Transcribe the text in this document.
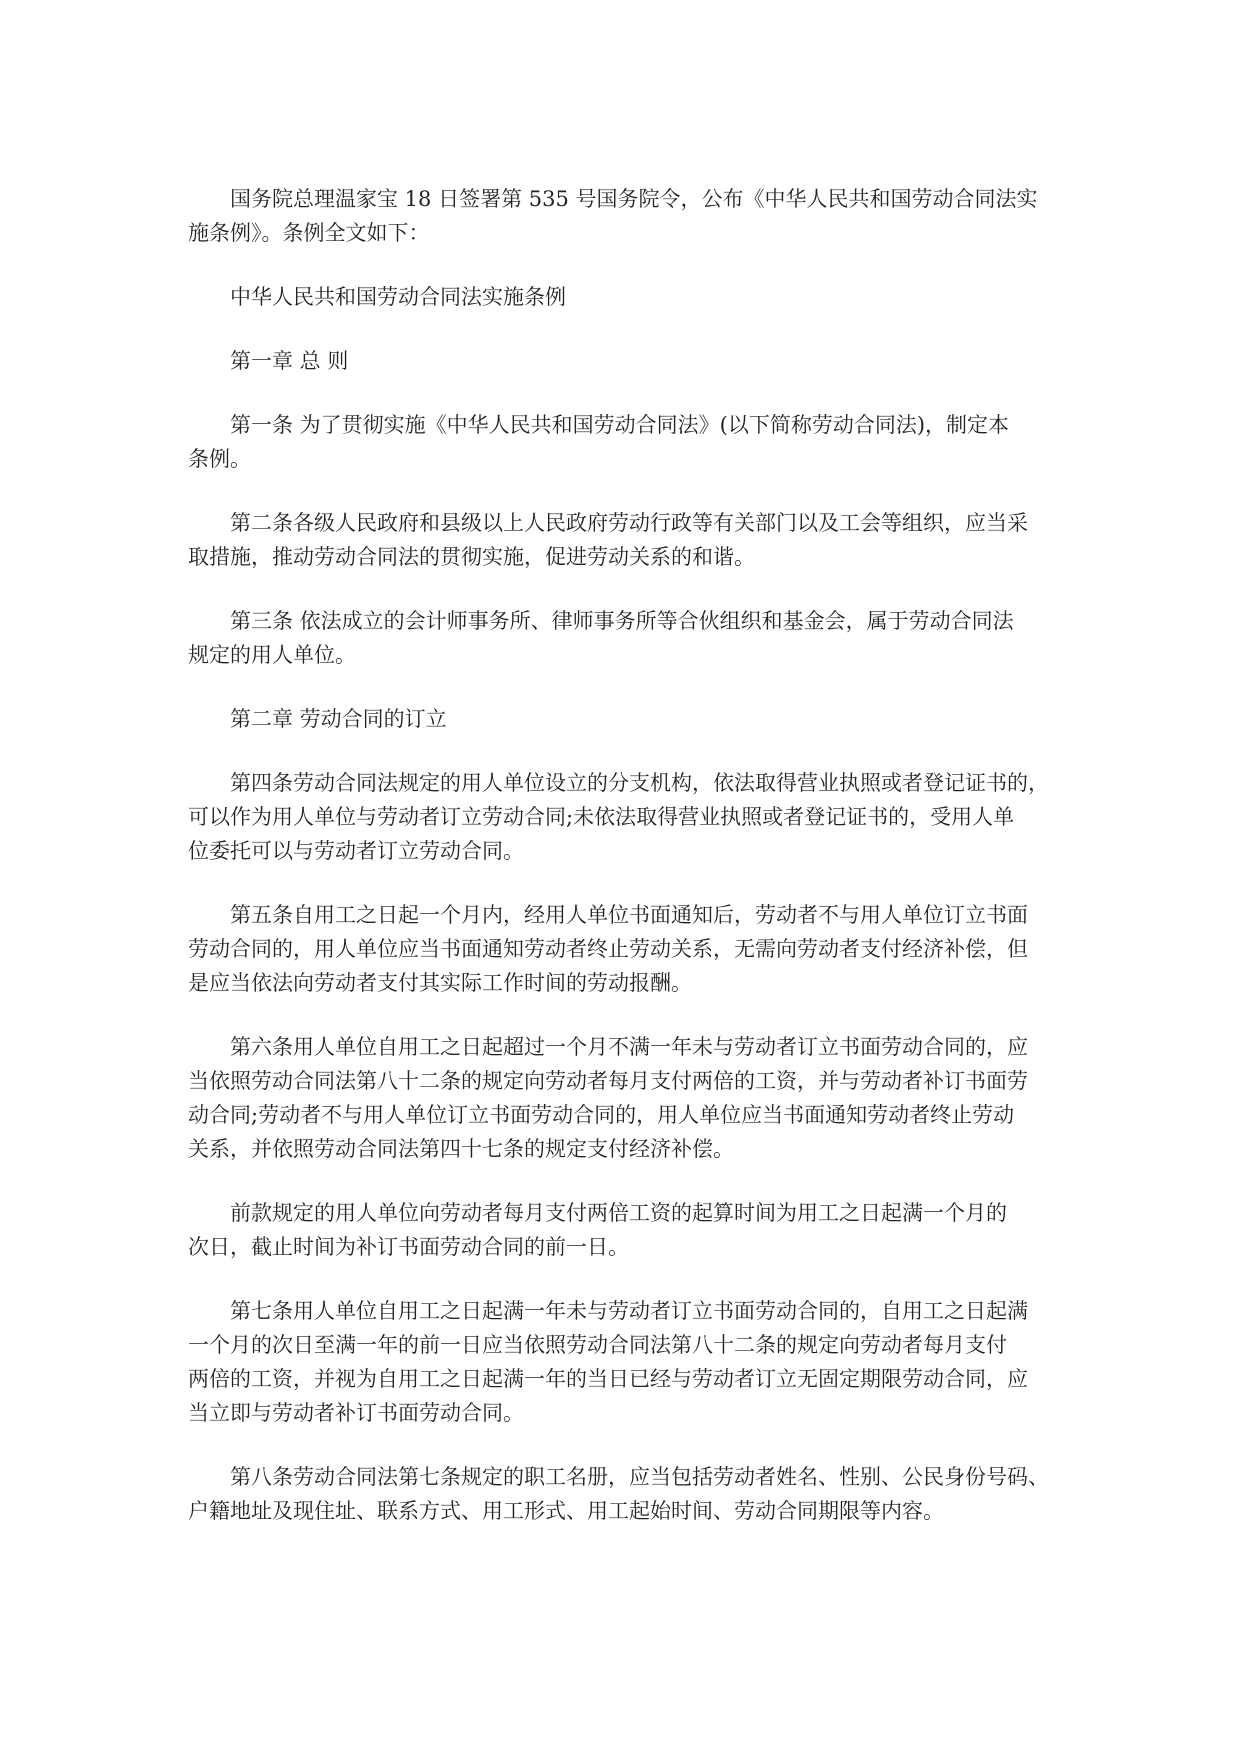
国务院总理温家宝 18 日签署第 535 号国务院令，公布《中华人民共和国劳动合同法实
施条例》。条例全文如下：
中华人民共和国劳动合同法实施条例
第一章 总 则
第一条 为了贯彻实施《中华人民共和国劳动合同法》(以下简称劳动合同法)，制定本
条例。
第二条各级人民政府和县级以上人民政府劳动行政等有关部门以及工会等组织，应当采
取措施，推动劳动合同法的贯彻实施，促进劳动关系的和谐。
第三条 依法成立的会计师事务所、律师事务所等合伙组织和基金会，属于劳动合同法
规定的用人单位。
第二章 劳动合同的订立
第四条劳动合同法规定的用人单位设立的分支机构，依法取得营业执照或者登记证书的，
可以作为用人单位与劳动者订立劳动合同;未依法取得营业执照或者登记证书的，受用人单
位委托可以与劳动者订立劳动合同。
第五条自用工之日起一个月内，经用人单位书面通知后，劳动者不与用人单位订立书面
劳动合同的，用人单位应当书面通知劳动者终止劳动关系，无需向劳动者支付经济补偿，但
是应当依法向劳动者支付其实际工作时间的劳动报酬。
第六条用人单位自用工之日起超过一个月不满一年未与劳动者订立书面劳动合同的，应
当依照劳动合同法第八十二条的规定向劳动者每月支付两倍的工资，并与劳动者补订书面劳
动合同;劳动者不与用人单位订立书面劳动合同的，用人单位应当书面通知劳动者终止劳动
关系，并依照劳动合同法第四十七条的规定支付经济补偿。
前款规定的用人单位向劳动者每月支付两倍工资的起算时间为用工之日起满一个月的
次日，截止时间为补订书面劳动合同的前一日。
第七条用人单位自用工之日起满一年未与劳动者订立书面劳动合同的，自用工之日起满
一个月的次日至满一年的前一日应当依照劳动合同法第八十二条的规定向劳动者每月支付
两倍的工资，并视为自用工之日起满一年的当日已经与劳动者订立无固定期限劳动合同，应
当立即与劳动者补订书面劳动合同。
第八条劳动合同法第七条规定的职工名册，应当包括劳动者姓名、性别、公民身份号码、
户籍地址及现住址、联系方式、用工形式、用工起始时间、劳动合同期限等内容。
